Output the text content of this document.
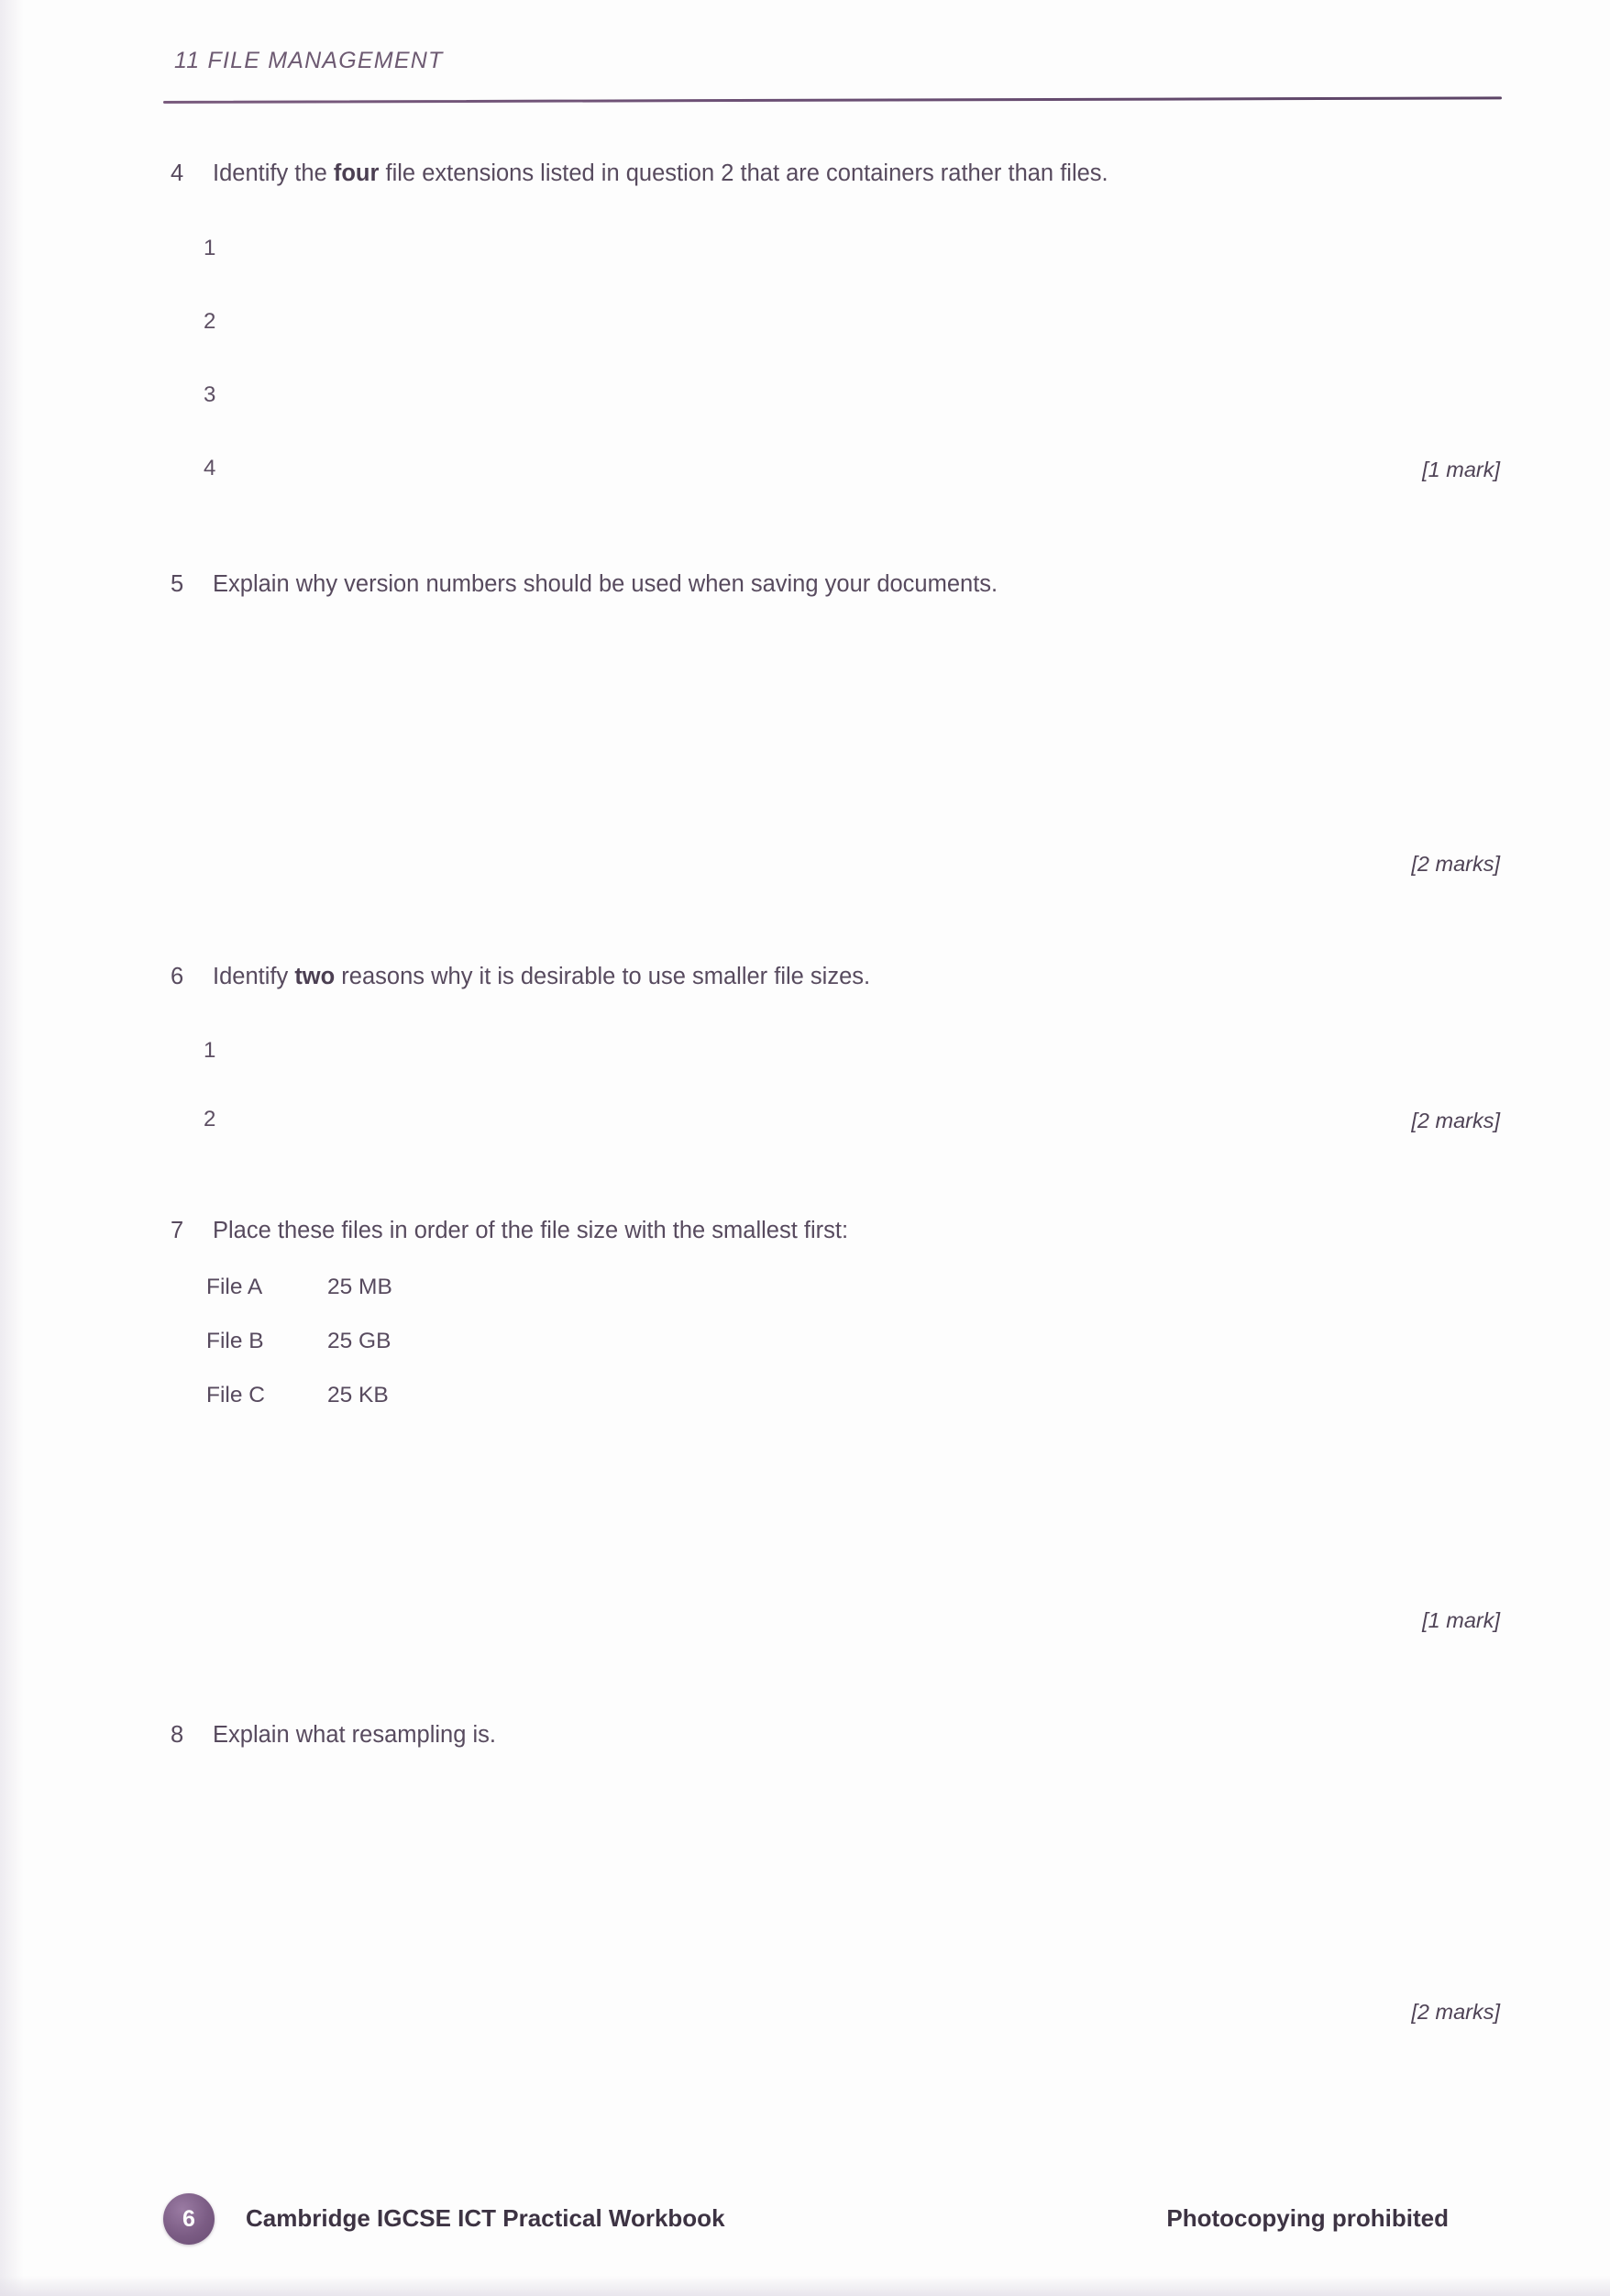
11 FILE MANAGEMENT
4 Identify the four file extensions listed in question 2 that are containers rather than files.
1
2
3
4	[1 mark]
5 Explain why version numbers should be used when saving your documents.
[2 marks]
6 Identify two reasons why it is desirable to use smaller file sizes.
1
2	[2 marks]
7 Place these files in order of the file size with the smallest first:
File A	25 MB
File B	25 GB
File C	25 KB
[1 mark]
8 Explain what resampling is.
[2 marks]
6	Cambridge IGCSE ICT Practical Workbook	Photocopying prohibited
